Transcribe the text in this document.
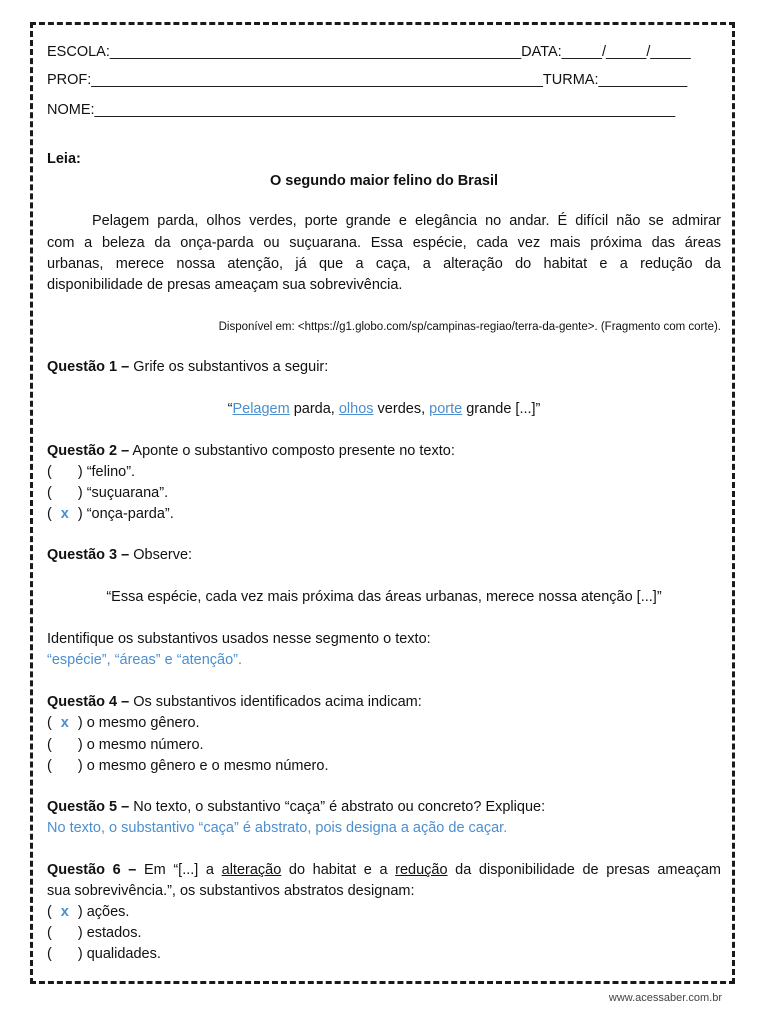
ESCOLA:___________________________________________________DATA:_____/_____/_____
PROF:________________________________________________________TURMA:___________
NOME:________________________________________________________________________
Leia:
O segundo maior felino do Brasil
Pelagem parda, olhos verdes, porte grande e elegância no andar. É difícil não se admirar
com a beleza da onça-parda ou suçuarana. Essa espécie, cada vez mais próxima das áreas
urbanas, merece nossa atenção, já que a caça, a alteração do habitat e a redução da
disponibilidade de presas ameaçam sua sobrevivência.
Disponível em: <https://g1.globo.com/sp/campinas-regiao/terra-da-gente>. (Fragmento com corte).
Questão 1 – Grife os substantivos a seguir:
“Pelagem parda, olhos verdes, porte grande [...]”
Questão 2 – Aponte o substantivo composto presente no texto:
( ) “felino”.
( ) “suçuarana”.
( x ) “onça-parda”.
Questão 3 – Observe:
“Essa espécie, cada vez mais próxima das áreas urbanas, merece nossa atenção [...]”
Identifique os substantivos usados nesse segmento o texto:
“espécie”, “áreas” e “atenção”.
Questão 4 – Os substantivos identificados acima indicam:
( x ) o mesmo gênero.
( ) o mesmo número.
( ) o mesmo gênero e o mesmo número.
Questão 5 – No texto, o substantivo “caça” é abstrato ou concreto? Explique:
No texto, o substantivo “caça” é abstrato, pois designa a ação de caçar.
Questão 6 – Em “[...] a alteração do habitat e a redução da disponibilidade de presas ameaçam
sua sobrevivência.”, os substantivos abstratos designam:
( x ) ações.
( ) estados.
( ) qualidades.
www.acessaber.com.br
